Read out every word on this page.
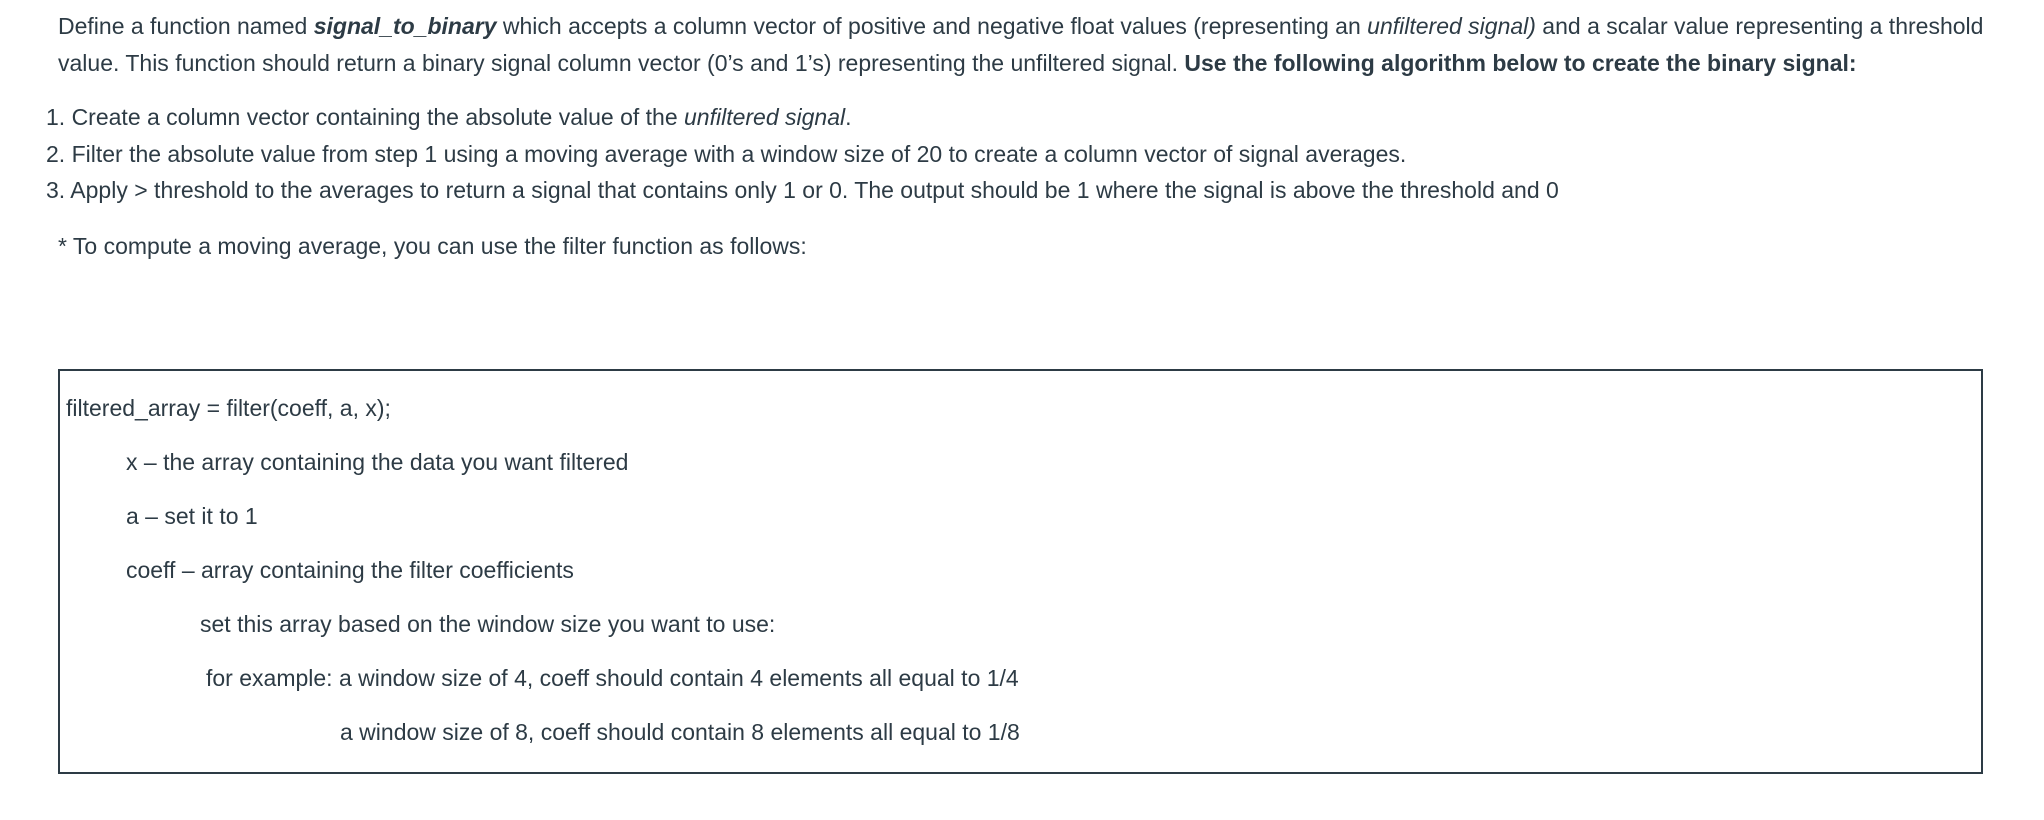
Define a function named signal_to_binary which accepts a column vector of positive and negative float values (representing an unfiltered signal) and a scalar value representing a threshold value. This function should return a binary signal column vector (0’s and 1’s) representing the unfiltered signal. Use the following algorithm below to create the binary signal:

1. Create a column vector containing the absolute value of the unfiltered signal.
2. Filter the absolute value from step 1 using a moving average with a window size of 20 to create a column vector of signal averages.
3. Apply > threshold to the averages to return a signal that contains only 1 or 0. The output should be 1 where the signal is above the threshold and 0

* To compute a moving average, you can use the filter function as follows:

filtered_array = filter(coeff, a, x);
x – the array containing the data you want filtered
a – set it to 1
coeff – array containing the filter coefficients
set this array based on the window size you want to use:
for example: a window size of 4, coeff should contain 4 elements all equal to 1/4
a window size of 8, coeff should contain 8 elements all equal to 1/8
